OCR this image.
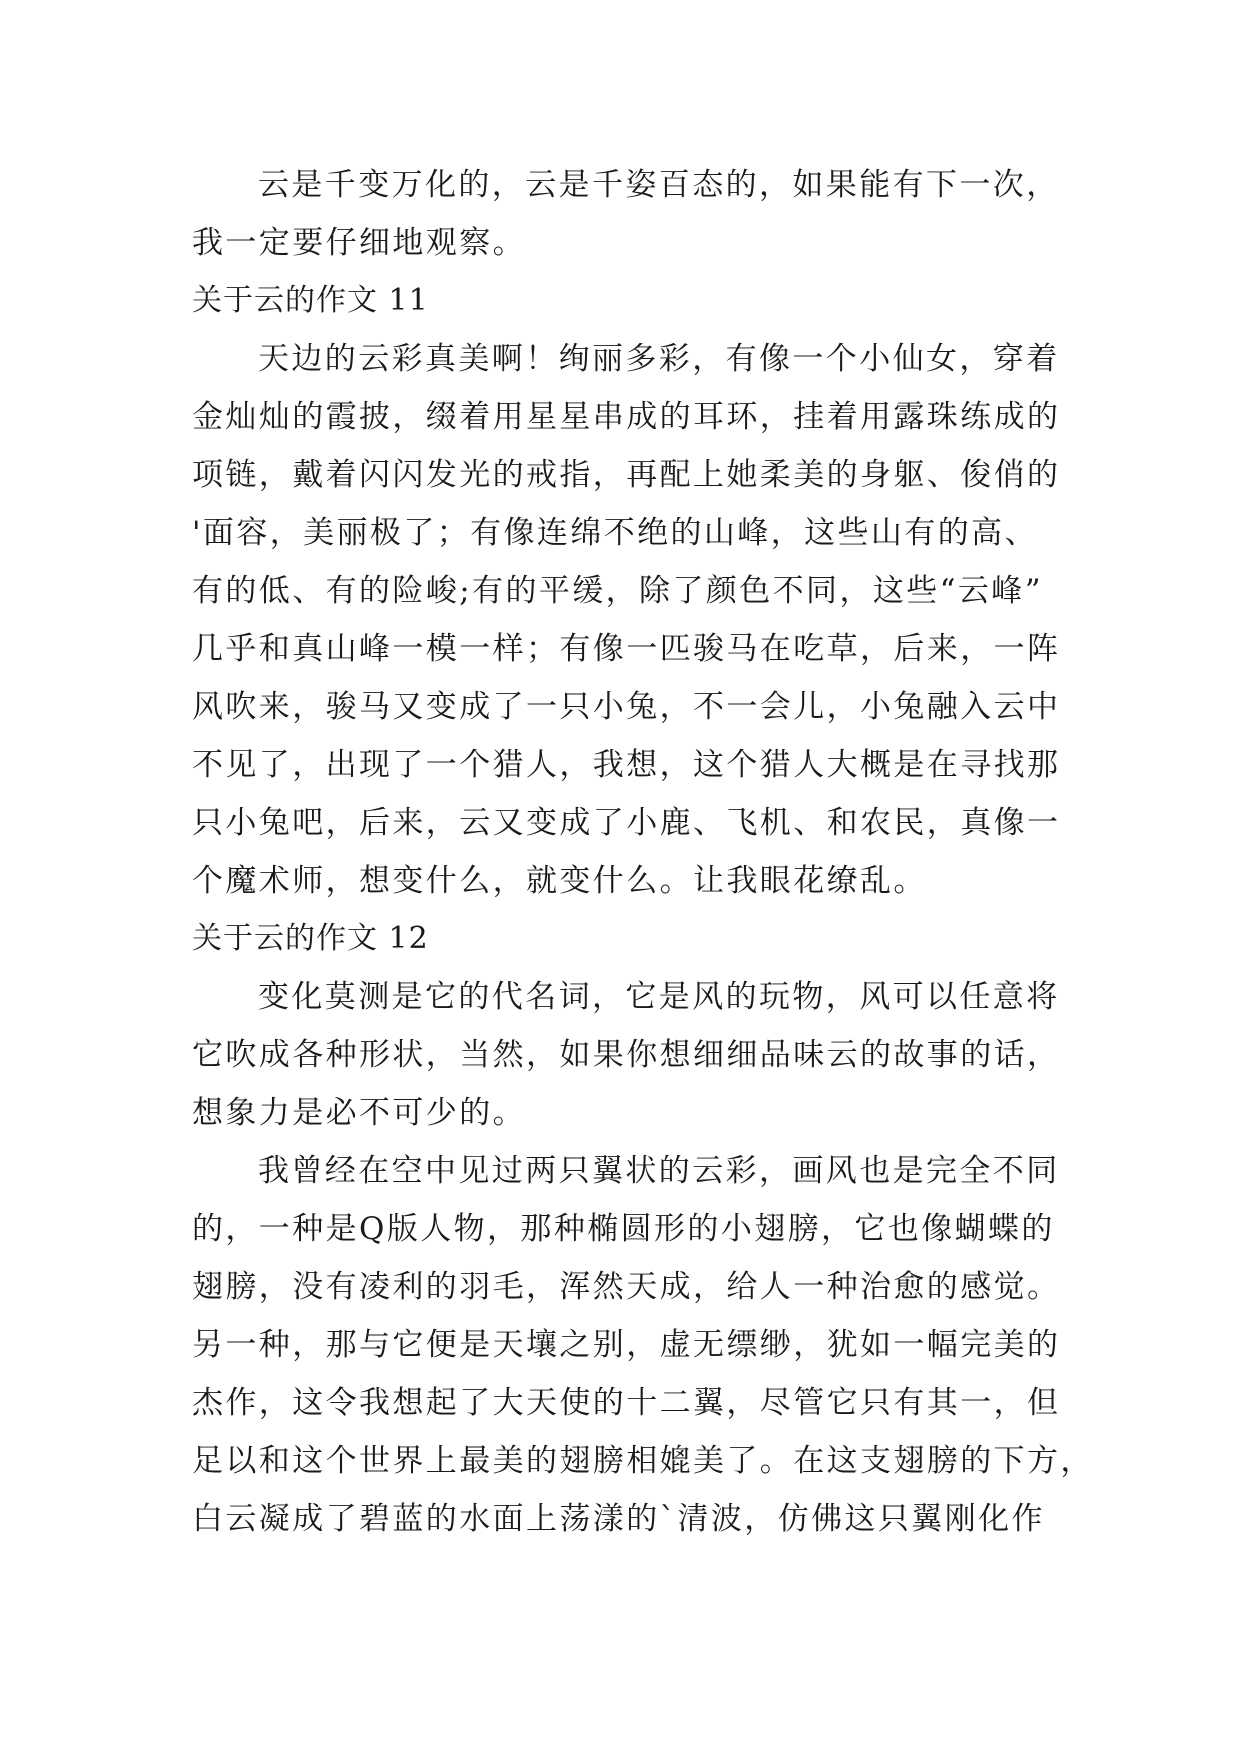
云是千变万化的，云是千姿百态的，如果能有下一次，
我一定要仔细地观察。
关于云的作文 11
天边的云彩真美啊！绚丽多彩，有像一个小仙女，穿着
金灿灿的霞披，缀着用星星串成的耳环，挂着用露珠练成的
项链，戴着闪闪发光的戒指，再配上她柔美的身躯、俊俏的
'面容，美丽极了；有像连绵不绝的山峰，这些山有的高、
有的低、有的险峻;有的平缓，除了颜色不同，这些“云峰”
几乎和真山峰一模一样；有像一匹骏马在吃草，后来，一阵
风吹来，骏马又变成了一只小兔，不一会儿，小兔融入云中
不见了，出现了一个猎人，我想，这个猎人大概是在寻找那
只小兔吧，后来，云又变成了小鹿、飞机、和农民，真像一
个魔术师，想变什么，就变什么。让我眼花缭乱。
关于云的作文 12
变化莫测是它的代名词，它是风的玩物，风可以任意将
它吹成各种形状，当然，如果你想细细品味云的故事的话，
想象力是必不可少的。
我曾经在空中见过两只翼状的云彩，画风也是完全不同
的，一种是Q版人物，那种椭圆形的小翅膀，它也像蝴蝶的
翅膀，没有凌利的羽毛，浑然天成，给人一种治愈的感觉。
另一种，那与它便是天壤之别，虚无缥缈，犹如一幅完美的
杰作，这令我想起了大天使的十二翼，尽管它只有其一，但
足以和这个世界上最美的翅膀相媲美了。在这支翅膀的下方，
白云凝成了碧蓝的水面上荡漾的`清波，仿佛这只翼刚化作
